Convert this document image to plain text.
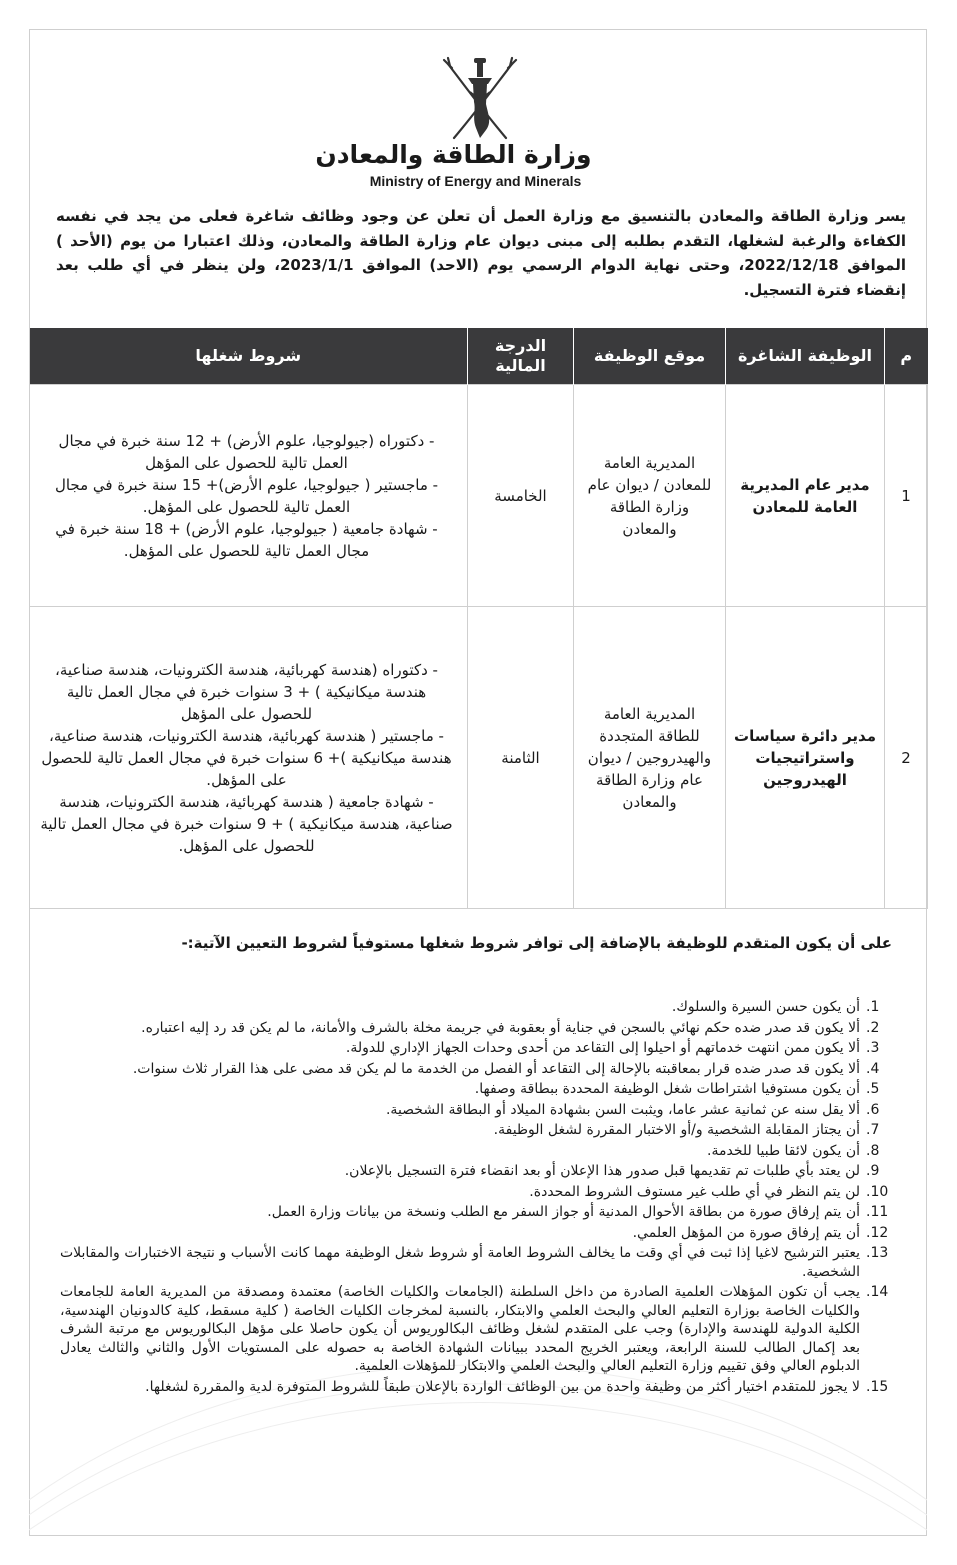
وزارة الطاقة والمعادن
Ministry of Energy and Minerals
يسر وزارة الطاقة والمعادن بالتنسيق مع وزارة العمل أن تعلن عن وجود وظائف شاغرة فعلى من يجد في نفسه الكفاءة والرغبة لشغلها، التقدم بطلبه إلى مبنى ديوان عام وزارة الطاقة والمعادن، وذلك اعتبارا من يوم (الأحد ) الموافق 2022/12/18، وحتى نهاية الدوام الرسمي يوم (الاحد) الموافق 2023/1/1، ولن ينظر في أي طلب بعد إنقضاء فترة التسجيل.
م	الوظيفة الشاغرة	موقع الوظيفة	الدرجة المالية	شروط شغلها
1	مدير عام المديرية العامة للمعادن	المديرية العامة للمعادن / ديوان عام وزارة الطاقة والمعادن	الخامسة	- دكتوراه (جيولوجيا، علوم الأرض) + 12 سنة خبرة في مجال العمل تالية للحصول على المؤهل
- ماجستير ( جيولوجيا، علوم الأرض)+ 15 سنة خبرة في مجال العمل تالية للحصول على المؤهل.
- شهادة جامعية ( جيولوجيا، علوم الأرض) + 18 سنة خبرة في مجال العمل تالية للحصول على المؤهل.

2	مدير دائرة سياسات واستراتيجيات الهيدروجين	المديرية العامة للطاقة المتجددة والهيدروجين / ديوان عام وزارة الطاقة والمعادن	الثامنة	- دكتوراه (هندسة كهربائية، هندسة الكترونيات، هندسة صناعية، هندسة ميكانيكية ) + 3 سنوات خبرة في مجال العمل تالية للحصول على المؤهل
- ماجستير ( هندسة كهربائية، هندسة الكترونيات، هندسة صناعية، هندسة ميكانيكية )+ 6 سنوات خبرة في مجال العمل تالية للحصول على المؤهل.
- شهادة جامعية ( هندسة كهربائية، هندسة الكترونيات، هندسة صناعية، هندسة ميكانيكية ) + 9 سنوات خبرة في مجال العمل تالية للحصول على المؤهل.
على أن يكون المتقدم للوظيفة بالإضافة إلى توافر شروط شغلها مستوفياً لشروط التعيين الآتية:-
1.
أن يكون حسن السيرة والسلوك.
2.
ألا يكون قد صدر ضده حكم نهائي بالسجن في جناية أو بعقوبة في جريمة مخلة بالشرف والأمانة، ما لم يكن قد رد إليه اعتباره.
3.
ألا يكون ممن انتهت خدماتهم أو احيلوا إلى التقاعد من أحدى وحدات الجهاز الإداري للدولة.
4.
ألا يكون قد صدر ضده قرار بمعاقبته بالإحالة إلى التقاعد أو الفصل من الخدمة ما لم يكن قد مضى على هذا القرار ثلاث سنوات.
5.
أن يكون مستوفيا اشتراطات شغل الوظيفة المحددة ببطاقة وصفها.
6.
ألا يقل سنه عن ثمانية عشر عاما، ويثبت السن بشهادة الميلاد أو البطاقة الشخصية.
7.
أن يجتاز المقابلة الشخصية و/أو الاختبار المقررة لشغل الوظيفة.
8.
أن يكون لائقا طبيا للخدمة.
9.
لن يعتد بأي طلبات تم تقديمها قبل صدور هذا الإعلان أو بعد انقضاء فترة التسجيل بالإعلان.
10.
لن يتم النظر في أي طلب غير مستوف الشروط المحددة.
11.
أن يتم إرفاق صورة من بطاقة الأحوال المدنية أو جواز السفر مع الطلب ونسخة من بيانات وزارة العمل.
12.
أن يتم إرفاق صورة من المؤهل العلمي.
13.
يعتبر الترشيح لاغيا إذا ثبت في أي وقت ما يخالف الشروط العامة أو شروط شغل الوظيفة مهما كانت الأسباب و نتيجة الاختبارات والمقابلات الشخصية.
14.
يجب أن تكون المؤهلات العلمية الصادرة من داخل السلطنة (الجامعات والكليات الخاصة) معتمدة ومصدقة من المديرية العامة للجامعات والكليات الخاصة بوزارة التعليم العالي والبحث العلمي والابتكار، بالنسبة لمخرجات الكليات الخاصة ( كلية مسقط، كلية كالدونيان الهندسية، الكلية الدولية للهندسة والإدارة) وجب على المتقدم لشغل وظائف البكالوريوس أن يكون حاصلا على مؤهل البكالوريوس مع مرتبة الشرف بعد إكمال الطالب للسنة الرابعة، ويعتبر الخريج المحدد ببيانات الشهادة الخاصة به حصوله على المستويات الأول والثاني والثالث يعادل الدبلوم العالي وفق تقييم وزارة التعليم العالي والبحث العلمي والابتكار للمؤهلات العلمية.
15.
لا يجوز للمتقدم اختيار أكثر من وظيفة واحدة من بين الوظائف الواردة بالإعلان طبقاً للشروط المتوفرة لدية والمقررة لشغلها.
